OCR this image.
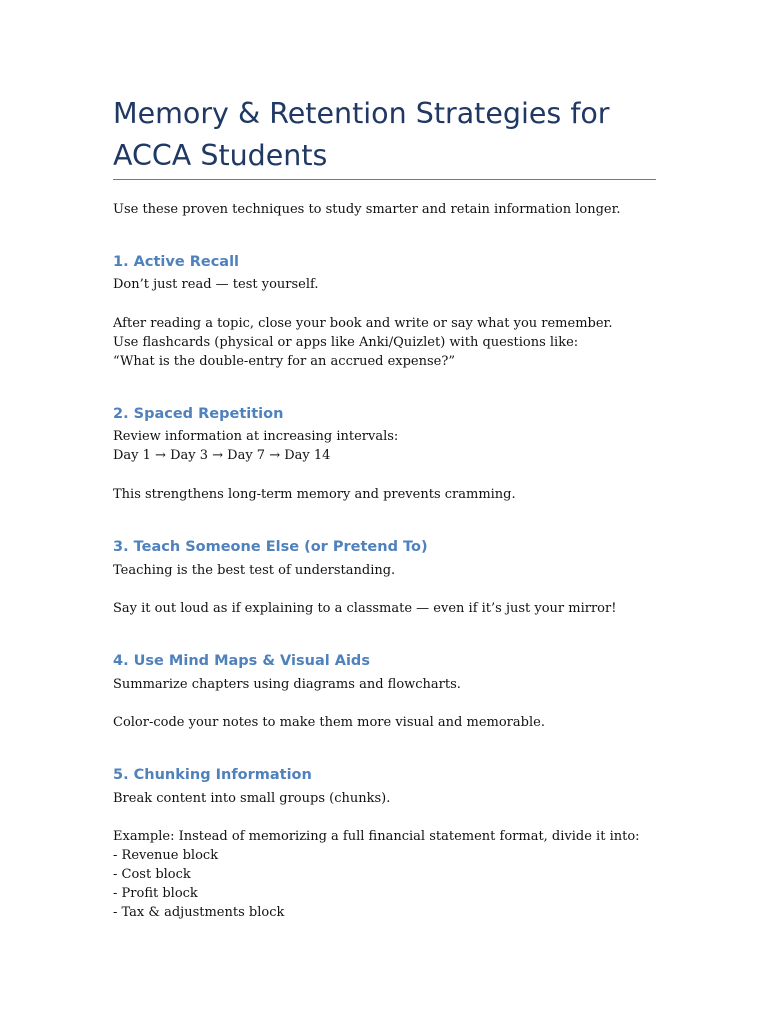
Memory & Retention Strategies for
ACCA Students

Use these proven techniques to study smarter and retain information longer.

1. Active Recall

Don’t just read — test yourself.

After reading a topic, close your book and write or say what you remember.
Use flashcards (physical or apps like Anki/Quizlet) with questions like:
“What is the double-entry for an accrued expense?”

2. Spaced Repetition

Review information at increasing intervals:
Day 1 → Day 3 → Day 7 → Day 14

This strengthens long-term memory and prevents cramming.

3. Teach Someone Else (or Pretend To)

Teaching is the best test of understanding.

Say it out loud as if explaining to a classmate — even if it’s just your mirror!

4. Use Mind Maps & Visual Aids

Summarize chapters using diagrams and flowcharts.

Color-code your notes to make them more visual and memorable.

5. Chunking Information

Break content into small groups (chunks).

Example: Instead of memorizing a full financial statement format, divide it into:
- Revenue block
- Cost block
- Profit block
- Tax & adjustments block
